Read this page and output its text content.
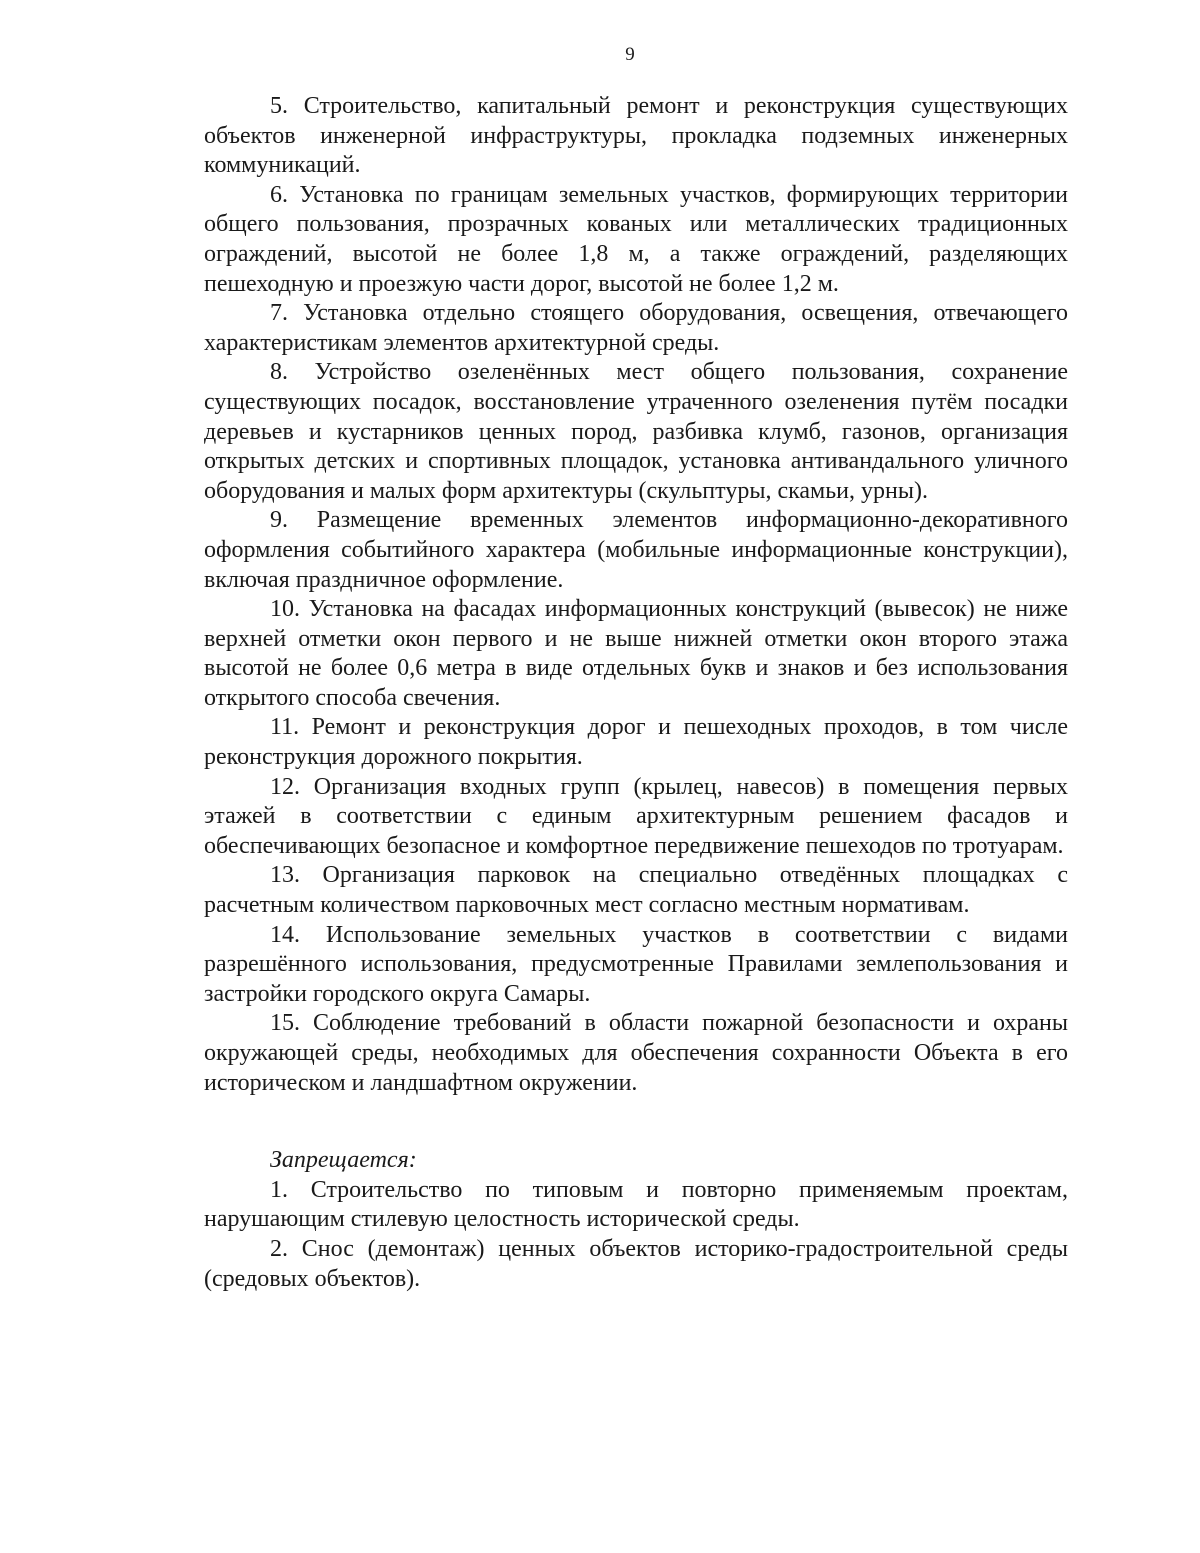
9

5. Строительство, капитальный ремонт и реконструкция существующих объектов инженерной инфраструктуры, прокладка подземных инженерных коммуникаций.

6. Установка по границам земельных участков, формирующих территории общего пользования, прозрачных кованых или металлических традиционных ограждений, высотой не более 1,8 м, а также ограждений, разделяющих пешеходную и проезжую части дорог, высотой не более 1,2 м.

7. Установка отдельно стоящего оборудования, освещения, отвечающего характеристикам элементов архитектурной среды.

8. Устройство озеленённых мест общего пользования, сохранение существующих посадок, восстановление утраченного озеленения путём посадки деревьев и кустарников ценных пород, разбивка клумб, газонов, организация открытых детских и спортивных площадок, установка антивандального уличного оборудования и малых форм архитектуры (скульптуры, скамьи, урны).

9. Размещение временных элементов информационно-декоративного оформления событийного характера (мобильные информационные конструкции), включая праздничное оформление.

10. Установка на фасадах информационных конструкций (вывесок) не ниже верхней отметки окон первого и не выше нижней отметки окон второго этажа высотой не более 0,6 метра в виде отдельных букв и знаков и без использования открытого способа свечения.

11. Ремонт и реконструкция дорог и пешеходных проходов, в том числе реконструкция дорожного покрытия.

12. Организация входных групп (крылец, навесов) в помещения первых этажей в соответствии с единым архитектурным решением фасадов и обеспечивающих безопасное и комфортное передвижение пешеходов по тротуарам.

13. Организация парковок на специально отведённых площадках с расчетным количеством парковочных мест согласно местным нормативам.

14. Использование земельных участков в соответствии с видами разрешённого использования, предусмотренные Правилами землепользования и застройки городского округа Самары.

15. Соблюдение требований в области пожарной безопасности и охраны окружающей среды, необходимых для обеспечения сохранности Объекта в его историческом и ландшафтном окружении.

Запрещается:

1. Строительство по типовым и повторно применяемым проектам, нарушающим стилевую целостность исторической среды.

2. Снос (демонтаж) ценных объектов историко-градостроительной среды (средовых объектов).
